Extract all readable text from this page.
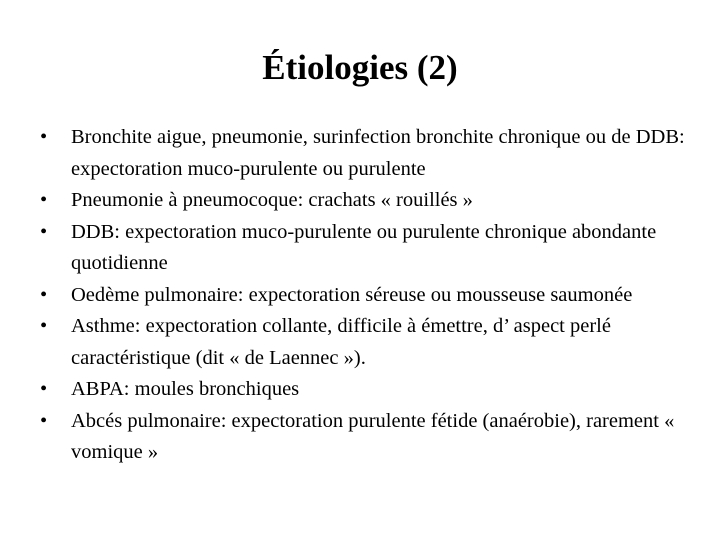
Étiologies (2)
•	Bronchite aigue, pneumonie, surinfection bronchite chronique ou de DDB: expectoration muco-purulente ou purulente
•	Pneumonie à pneumocoque: crachats « rouillés »
•	DDB: expectoration muco-purulente ou purulente chronique abondante quotidienne
•	Oedème pulmonaire: expectoration séreuse ou mousseuse saumonée
•	Asthme: expectoration collante, difficile à émettre, d’ aspect perlé caractéristique (dit « de Laennec »).
•	ABPA: moules bronchiques
•	Abcés pulmonaire: expectoration purulente fétide (anaérobie), rarement « vomique »
